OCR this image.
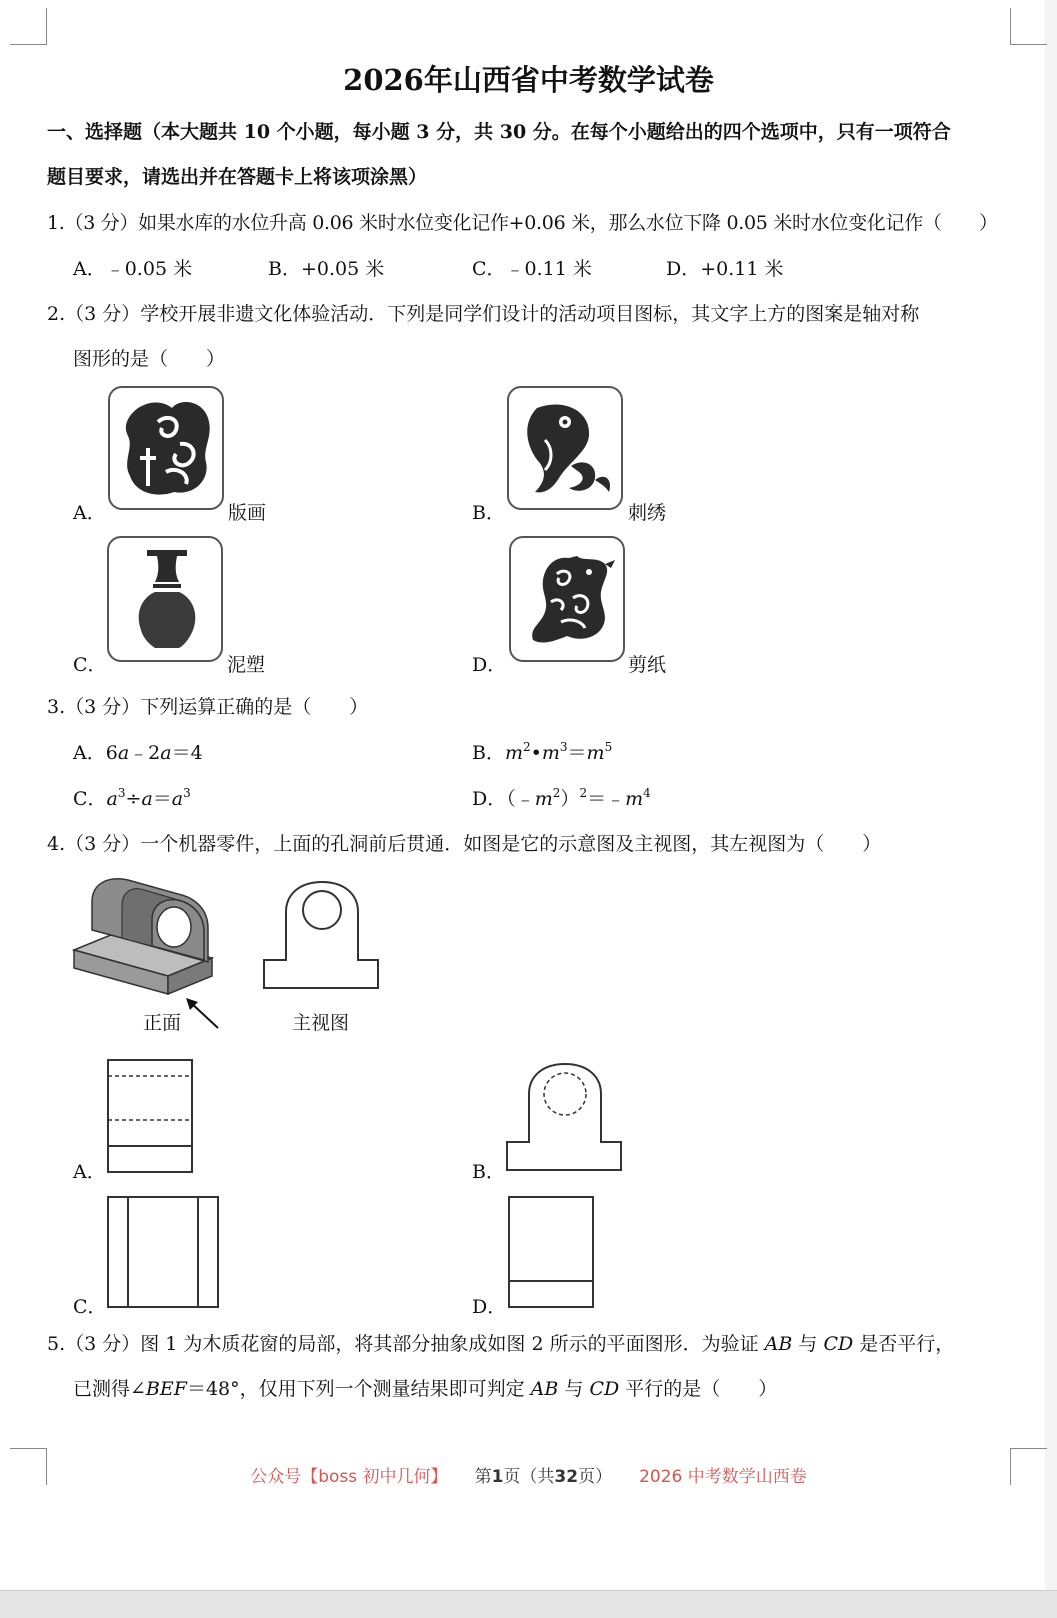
2026年山西省中考数学试卷
一、选择题（本大题共 10 个小题，每小题 3 分，共 30 分。在每个小题给出的四个选项中，只有一项符合
题目要求，请选出并在答题卡上将该项涂黑）
1.（3 分）如果水库的水位升高 0.06 米时水位变化记作+0.06 米，那么水位下降 0.05 米时水位变化记作（　　）
A．﹣0.05 米	B．+0.05 米	C．﹣0.11 米	D．+0.11 米
2.（3 分）学校开展非遗文化体验活动．下列是同学们设计的活动项目图标，其文字上方的图案是轴对称
图形的是（　　）
A．	版画	B．	刺绣
C．	泥塑	D．	剪纸
3.（3 分）下列运算正确的是（　　）
A．6a﹣2a＝4	B．$m^2•m^3=m^5$
C．$a^3\div a=a^3$	D．$(﹣m^2)^2=﹣m^4$
4.（3 分）一个机器零件，上面的孔洞前后贯通．如图是它的示意图及主视图，其左视图为（　　）
正面	主视图
A．	B．
C．	D．
5.（3 分）图 1 为木质花窗的局部，将其部分抽象成如图 2 所示的平面图形．为验证 AB 与 CD 是否平行，
已测得∠BEF＝48°，仅用下列一个测量结果即可判定 AB 与 CD 平行的是（　　）
公众号【boss 初中几何】 第1页（共32页） 2026 中考数学山西卷
